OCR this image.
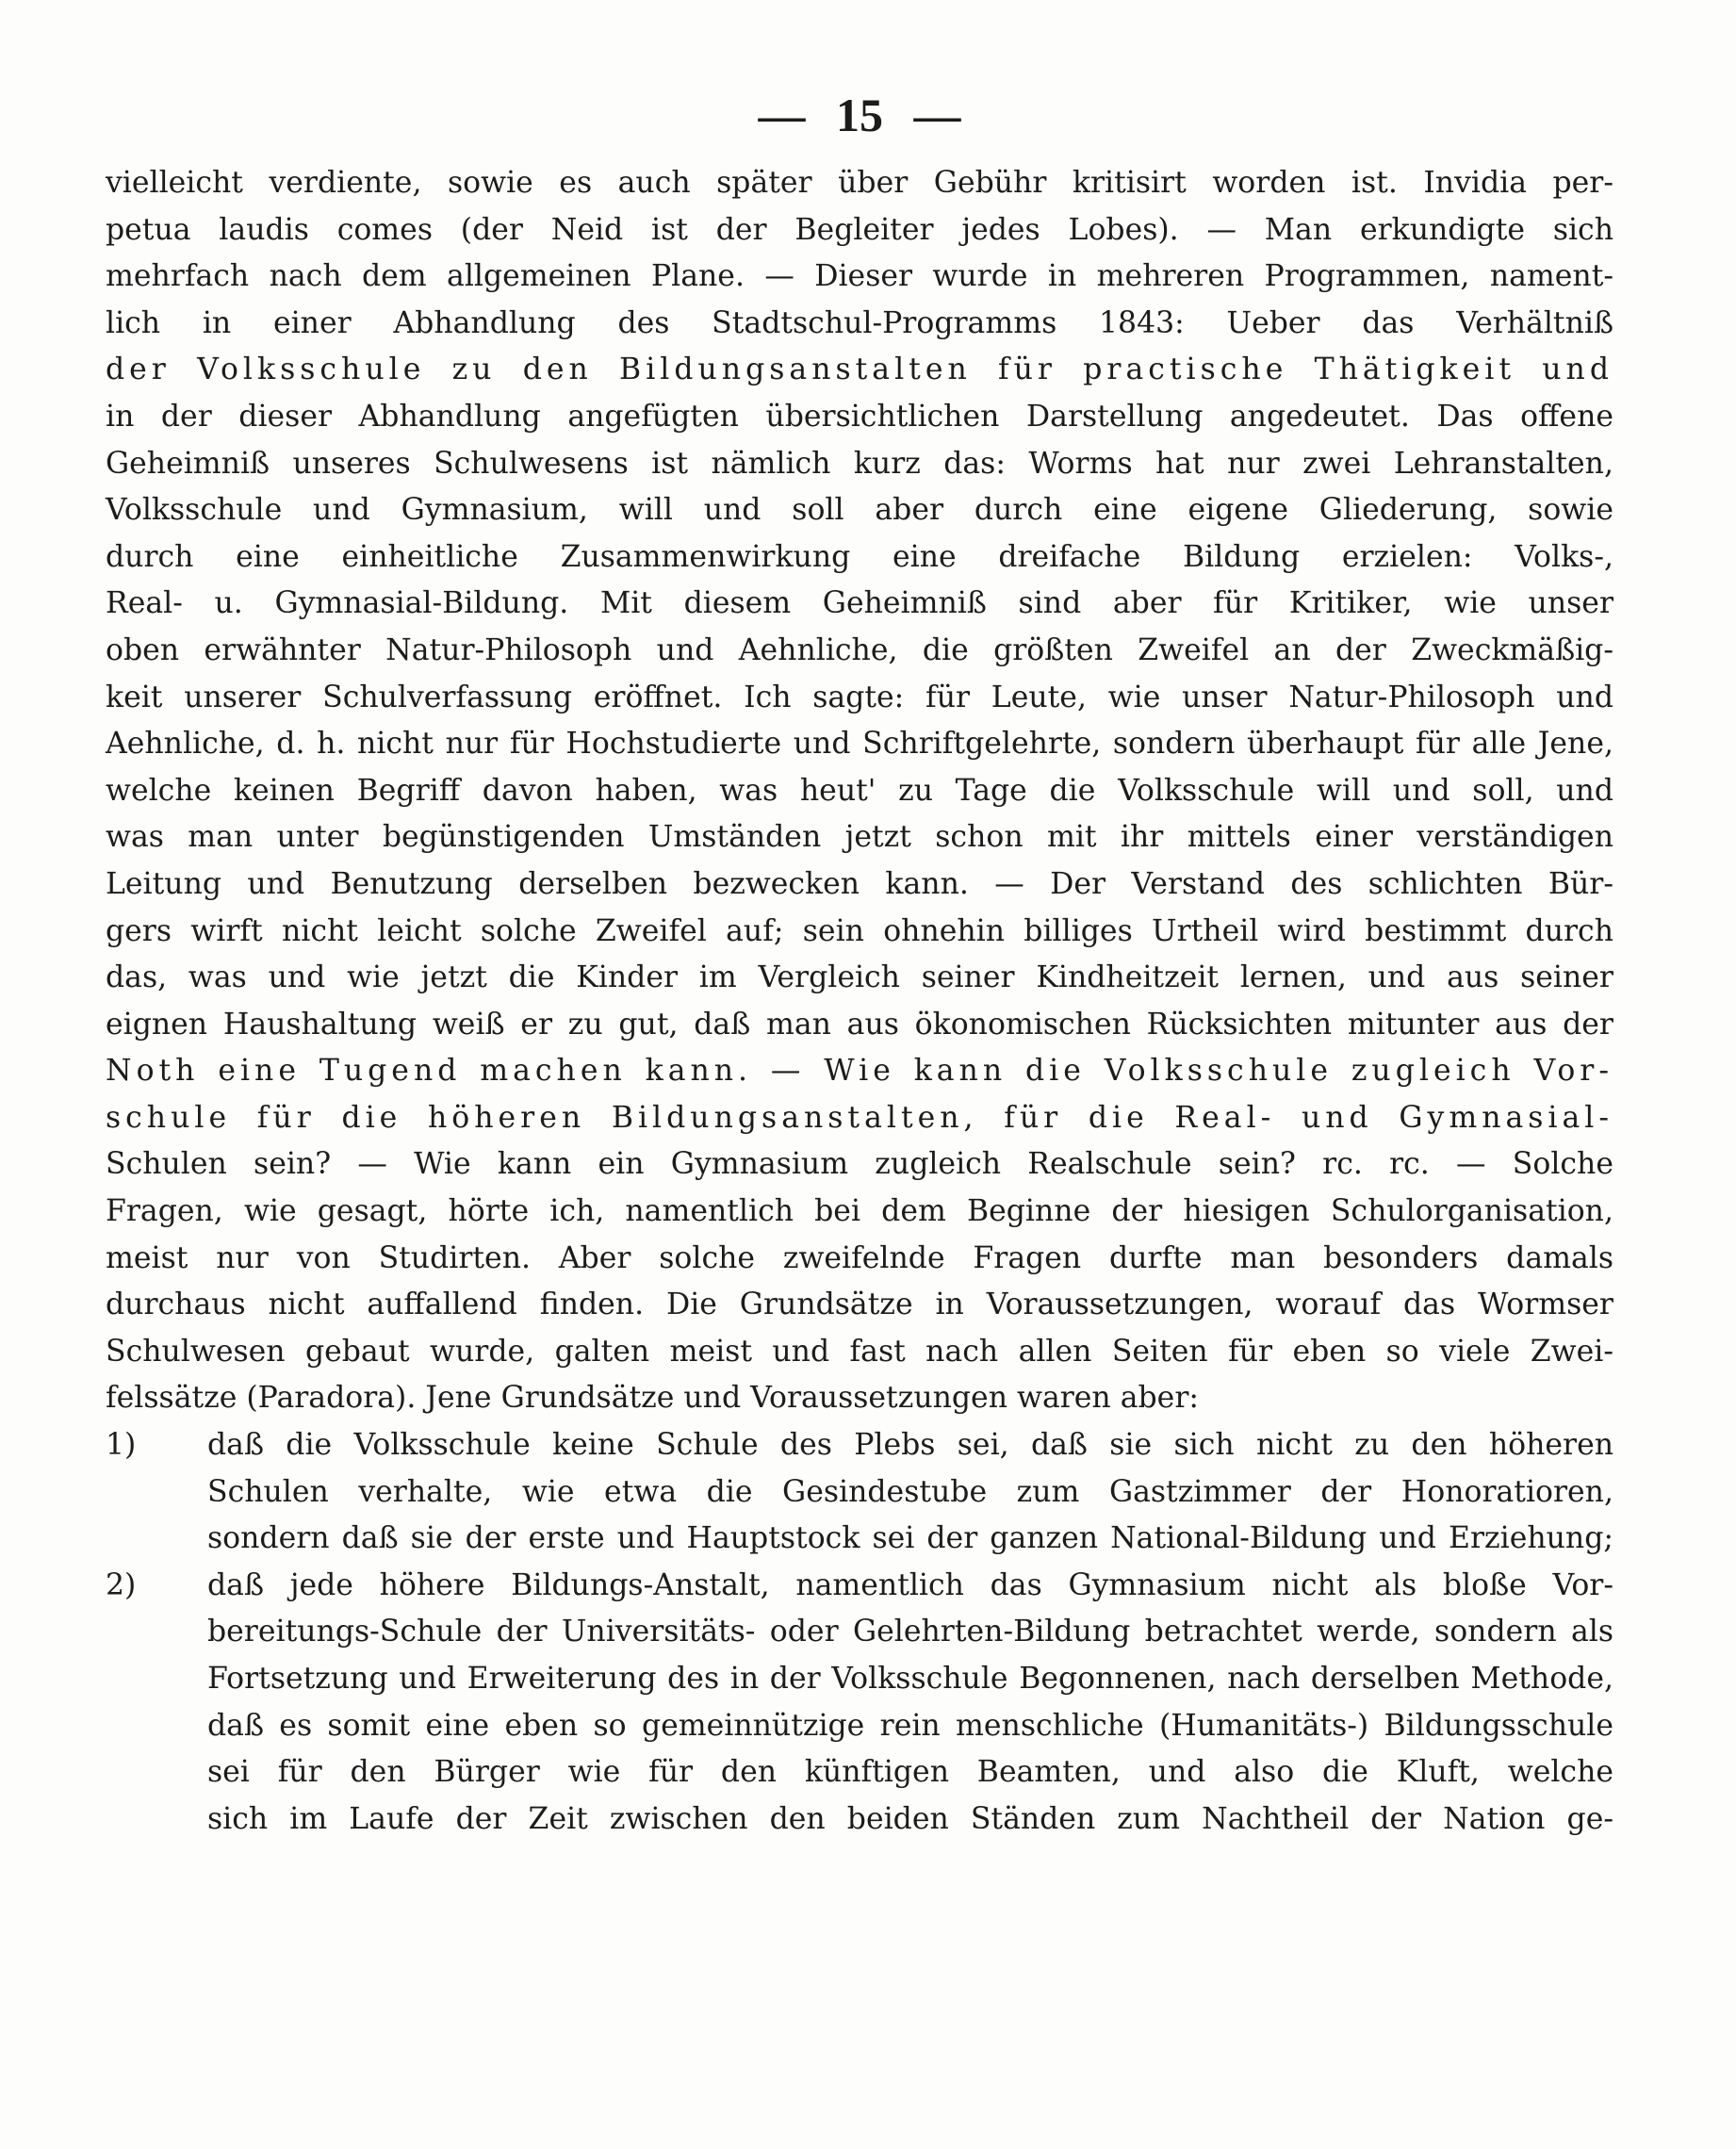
— 15 —
vielleicht verdiente, sowie es auch später über Gebühr kritisirt worden ist. Invidia per-
petua laudis comes (der Neid ist der Begleiter jedes Lobes). — Man erkundigte sich
mehrfach nach dem allgemeinen Plane. — Dieser wurde in mehreren Programmen, nament-
lich in einer Abhandlung des Stadtschul-Programms 1843: Ueber das Verhältniß
der Volksschule zu den Bildungsanstalten für practische Thätigkeit und
in der dieser Abhandlung angefügten übersichtlichen Darstellung angedeutet. Das offene
Geheimniß unseres Schulwesens ist nämlich kurz das: Worms hat nur zwei Lehranstalten,
Volksschule und Gymnasium, will und soll aber durch eine eigene Gliederung, sowie
durch eine einheitliche Zusammenwirkung eine dreifache Bildung erzielen: Volks-,
Real- u. Gymnasial-Bildung. Mit diesem Geheimniß sind aber für Kritiker, wie unser
oben erwähnter Natur-Philosoph und Aehnliche, die größten Zweifel an der Zweckmäßig-
keit unserer Schulverfassung eröffnet. Ich sagte: für Leute, wie unser Natur-Philosoph und
Aehnliche, d. h. nicht nur für Hochstudierte und Schriftgelehrte, sondern überhaupt für alle Jene,
welche keinen Begriff davon haben, was heut' zu Tage die Volksschule will und soll, und
was man unter begünstigenden Umständen jetzt schon mit ihr mittels einer verständigen
Leitung und Benutzung derselben bezwecken kann. — Der Verstand des schlichten Bür-
gers wirft nicht leicht solche Zweifel auf; sein ohnehin billiges Urtheil wird bestimmt durch
das, was und wie jetzt die Kinder im Vergleich seiner Kindheitzeit lernen, und aus seiner
eignen Haushaltung weiß er zu gut, daß man aus ökonomischen Rücksichten mitunter aus der
Noth eine Tugend machen kann. — Wie kann die Volksschule zugleich Vor-
schule für die höheren Bildungsanstalten, für die Real- und Gymnasial-
Schulen sein? — Wie kann ein Gymnasium zugleich Realschule sein? rc. rc. — Solche
Fragen, wie gesagt, hörte ich, namentlich bei dem Beginne der hiesigen Schulorganisation,
meist nur von Studirten. Aber solche zweifelnde Fragen durfte man besonders damals
durchaus nicht auffallend finden. Die Grundsätze in Voraussetzungen, worauf das Wormser
Schulwesen gebaut wurde, galten meist und fast nach allen Seiten für eben so viele Zwei-
felssätze (Paradora). Jene Grundsätze und Voraussetzungen waren aber:
1)	daß die Volksschule keine Schule des Plebs sei, daß sie sich nicht zu den höheren
Schulen verhalte, wie etwa die Gesindestube zum Gastzimmer der Honoratioren,
sondern daß sie der erste und Hauptstock sei der ganzen National-Bildung und Erziehung;
2)	daß jede höhere Bildungs-Anstalt, namentlich das Gymnasium nicht als bloße Vor-
bereitungs-Schule der Universitäts- oder Gelehrten-Bildung betrachtet werde, sondern als
Fortsetzung und Erweiterung des in der Volksschule Begonnenen, nach derselben Methode,
daß es somit eine eben so gemeinnützige rein menschliche (Humanitäts-) Bildungsschule
sei für den Bürger wie für den künftigen Beamten, und also die Kluft, welche
sich im Laufe der Zeit zwischen den beiden Ständen zum Nachtheil der Nation ge-
